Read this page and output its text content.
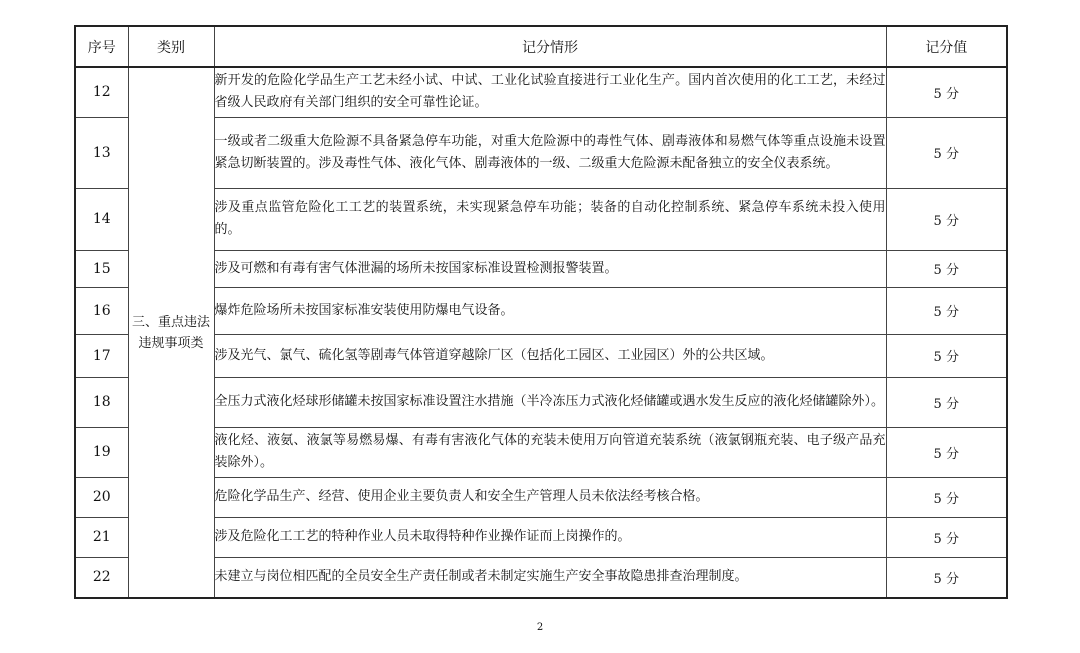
序号	类别	记分情形	记分值
12	三、重点违法违规事项类	新开发的危险化学品生产工艺未经小试、中试、工业化试验直接进行工业化生产。国内首次使用的化工工艺，未经过省级人民政府有关部门组织的安全可靠性论证。	5 分
13		一级或者二级重大危险源不具备紧急停车功能，对重大危险源中的毒性气体、剧毒液体和易燃气体等重点设施未设置紧急切断装置的。涉及毒性气体、液化气体、剧毒液体的一级、二级重大危险源未配备独立的安全仪表系统。	5 分
14		涉及重点监管危险化工工艺的装置系统，未实现紧急停车功能；装备的自动化控制系统、紧急停车系统未投入使用的。	5 分
15		涉及可燃和有毒有害气体泄漏的场所未按国家标准设置检测报警装置。	5 分
16		爆炸危险场所未按国家标准安装使用防爆电气设备。	5 分
17		涉及光气、氯气、硫化氢等剧毒气体管道穿越除厂区（包括化工园区、工业园区）外的公共区域。	5 分
18		全压力式液化烃球形储罐未按国家标准设置注水措施（半冷冻压力式液化烃储罐或遇水发生反应的液化烃储罐除外）。	5 分
19		液化烃、液氨、液氯等易燃易爆、有毒有害液化气体的充装未使用万向管道充装系统（液氯钢瓶充装、电子级产品充装除外）。	5 分
20		危险化学品生产、经营、使用企业主要负责人和安全生产管理人员未依法经考核合格。	5 分
21		涉及危险化工工艺的特种作业人员未取得特种作业操作证而上岗操作的。	5 分
22		未建立与岗位相匹配的全员安全生产责任制或者未制定实施生产安全事故隐患排查治理制度。	5 分
2
